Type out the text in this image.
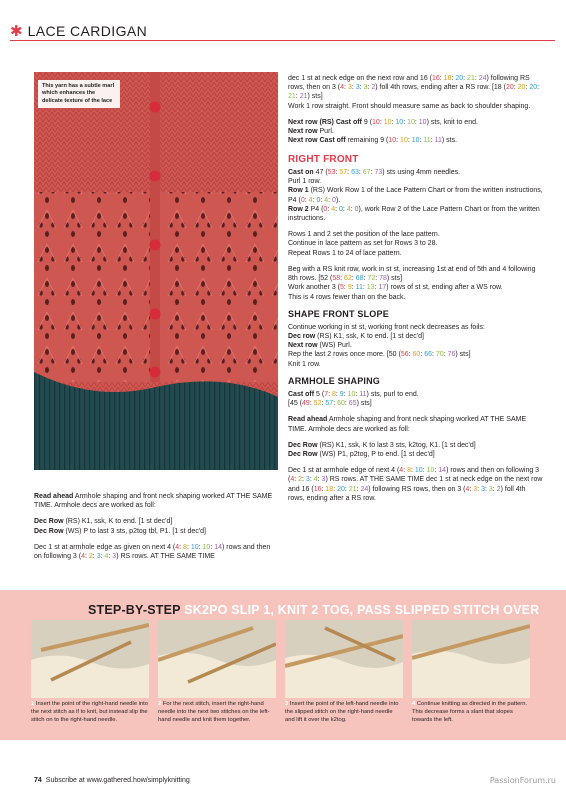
✱ LACE CARDIGAN
This yarn has a subtle marl which enhances the delicate texture of the lace

Read ahead Armhole shaping and front neck shaping worked AT THE SAME TIME. Armhole decs are worked as foll:

Dec Row (RS) K1, ssk, K to end. [1 st dec'd]
Dec Row (WS) P to last 3 sts, p2tog tbl, P1. [1 st dec'd]

Dec 1 st at armhole edge as given on next 4 (4: 8: 10: 10: 14) rows and then on following 3 (4: 2: 3: 4: 3) RS rows. AT THE SAME TIME

dec 1 st at neck edge on the next row and 16 (16: 18: 20: 21: 24) following RS rows, then on 3 (4: 3: 3: 3: 2) foll 4th rows, ending after a RS row. [18 (20: 20: 20: 21: 21) sts]
Work 1 row straight. Front should measure same as back to shoulder shaping.

Next row (RS) Cast off 9 (10: 10: 10: 10: 10) sts, knit to end.
Next row Purl.
Next row Cast off remaining 9 (10: 10: 10: 11: 11) sts.

RIGHT FRONT

Cast on 47 (53: 57: 63: 67: 73) sts using 4mm needles.
Purl 1 row.
Row 1 (RS) Work Row 1 of the Lace Pattern Chart or from the written instructions, P4 (0: 4: 0: 4: 0).
Row 2 P4 (0: 4: 0: 4: 0), work Row 2 of the Lace Pattern Chart or from the written instructions.

Rows 1 and 2 set the position of the lace pattern.
Continue in lace pattern as set for Rows 3 to 28.
Repeat Rows 1 to 24 of lace pattern.

Beg with a RS knit row, work in st st, increasing 1st at end of 5th and 4 following 8th rows. [52 (58: 62: 68: 72: 78) sts]
Work another 3 (5: 9: 11: 13: 17) rows of st st, ending after a WS row.
This is 4 rows fewer than on the back.

SHAPE FRONT SLOPE

Continue working in st st, working front neck decreases as foils:
Dec row (RS) K1, ssk, K to end. [1 st dec'd]
Next row (WS) Purl.
Rep the last 2 rows once more. [50 (56: 60: 66: 70: 76) sts]
Knit 1 row.

ARMHOLE SHAPING

Cast off 5 (7: 8: 9: 10: 11) sts, purl to end.
[45 (49: 52: 57: 60: 65) sts]

Read ahead Armhole shaping and front neck shaping worked AT THE SAME TIME. Armhole decs are worked as foll:

Dec Row (RS) K1, ssk, K to last 3 sts, k2tog, K1. [1 st dec'd]
Dec Row (WS) P1, p2tog, P to end. [1 st dec'd]

Dec 1 st at armhole edge of next 4 (4: 8: 10: 10: 14) rows and then on following 3 (4: 2: 3: 4: 3) RS rows. AT THE SAME TIME dec 1 st at neck edge on the next row and 16 (16: 18: 20: 21: 24) following RS rows, then on 3 (4: 3: 3: 3: 2) foll 4th rows, ending after a RS row.

STEP-BY-STEP SK2PO SLIP 1, KNIT 2 TOG, PASS SLIPPED STITCH OVER
1 Insert the point of the right-hand needle into the next stitch as if to knit, but instead slip the stitch on to the right-hand needle.
2 For the next stitch, insert the right-hand needle into the next two stitches on the left-hand needle and knit them together.
3 Insert the point of the left-hand needle into the slipped stitch on the right-hand needle and lift it over the k2tog.
4 Continue knitting as directed in the pattern. This decrease forms a slant that slopes towards the left.
74 Subscribe at www.gathered.how/simplyknitting	PassionForum.ru
